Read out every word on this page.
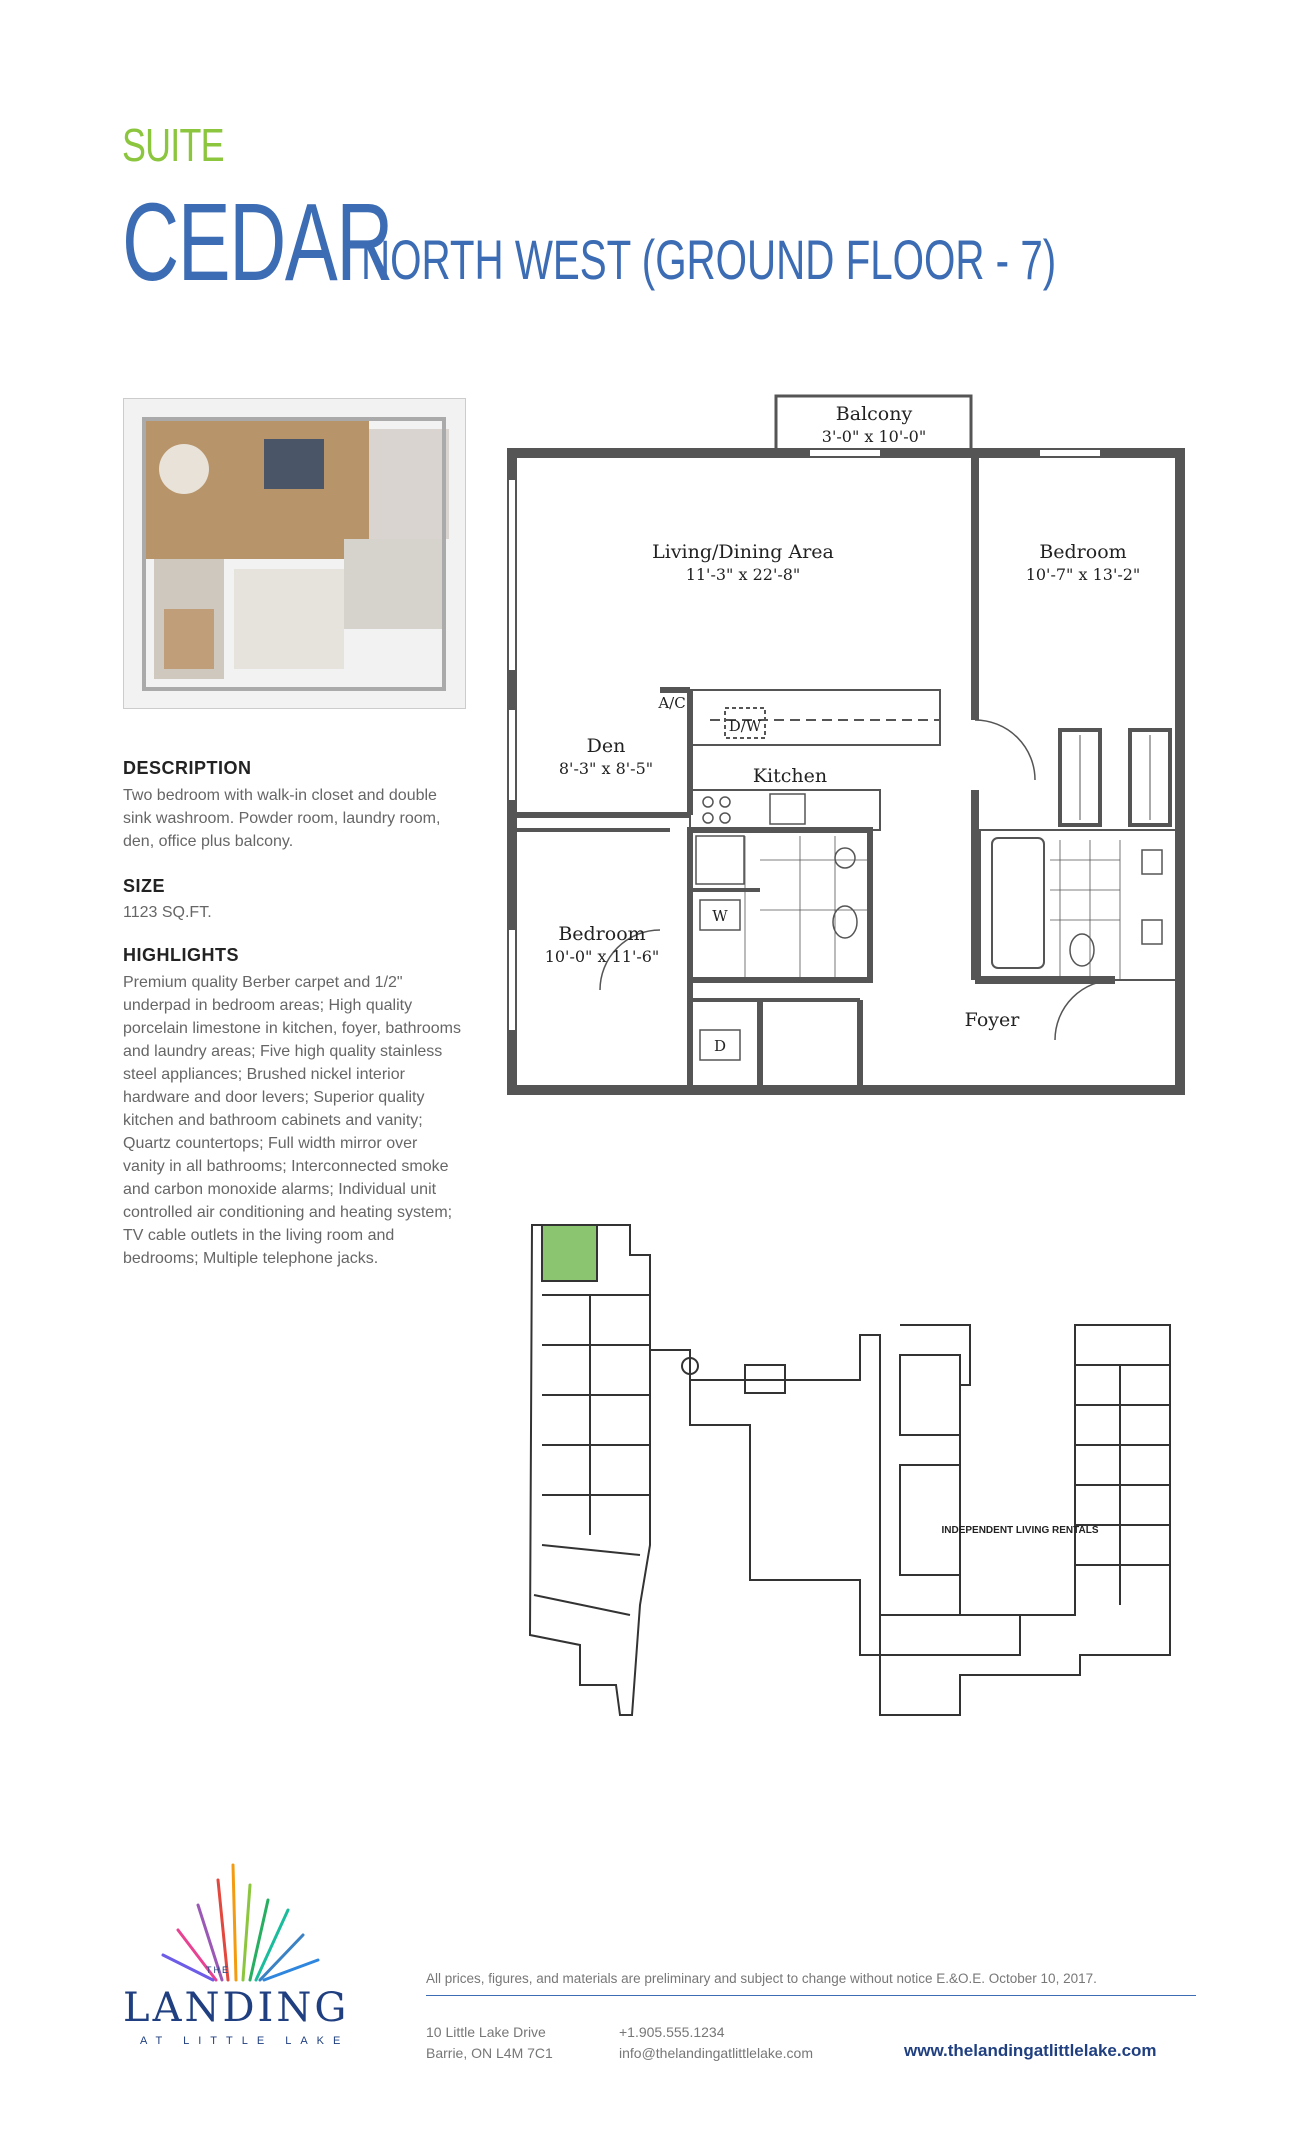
SUITE
CEDAR
NORTH WEST (GROUND FLOOR - 7)
DESCRIPTION
Two bedroom with walk-in closet and double sink washroom. Powder room, laundry room, den, office plus balcony.
SIZE
1123 SQ.FT.
HIGHLIGHTS
Premium quality Berber carpet and 1/2" underpad in bedroom areas; High quality porcelain limestone in kitchen, foyer, bathrooms and laundry areas; Five high quality stainless steel appliances; Brushed nickel interior hardware and door levers; Superior quality kitchen and bathroom cabinets and vanity; Quartz countertops; Full width mirror over vanity in all bathrooms; Interconnected smoke and carbon monoxide alarms; Individual unit controlled air conditioning and heating system; TV cable outlets in the living room and bedrooms; Multiple telephone jacks.
Balcony
3'-0" x 10'-0"
Living/Dining Area
11'-3" x 22'-8"
Bedroom
10'-7" x 13'-2"
Den
8'-3" x 8'-5"	Kitchen
Bedroom
10'-0" x 11'-6"
Foyer
A/C
D/W
W
D
INDEPENDENT LIVING RENTALS
THE
LANDING
AT LITTLE LAKE
All prices, figures, and materials are preliminary and subject to change without notice E.&O.E. October 10, 2017.
10 Little Lake Drive
Barrie, ON L4M 7C1
+1.905.555.1234
info@thelandingatlittlelake.com	www.thelandingatlittlelake.com
